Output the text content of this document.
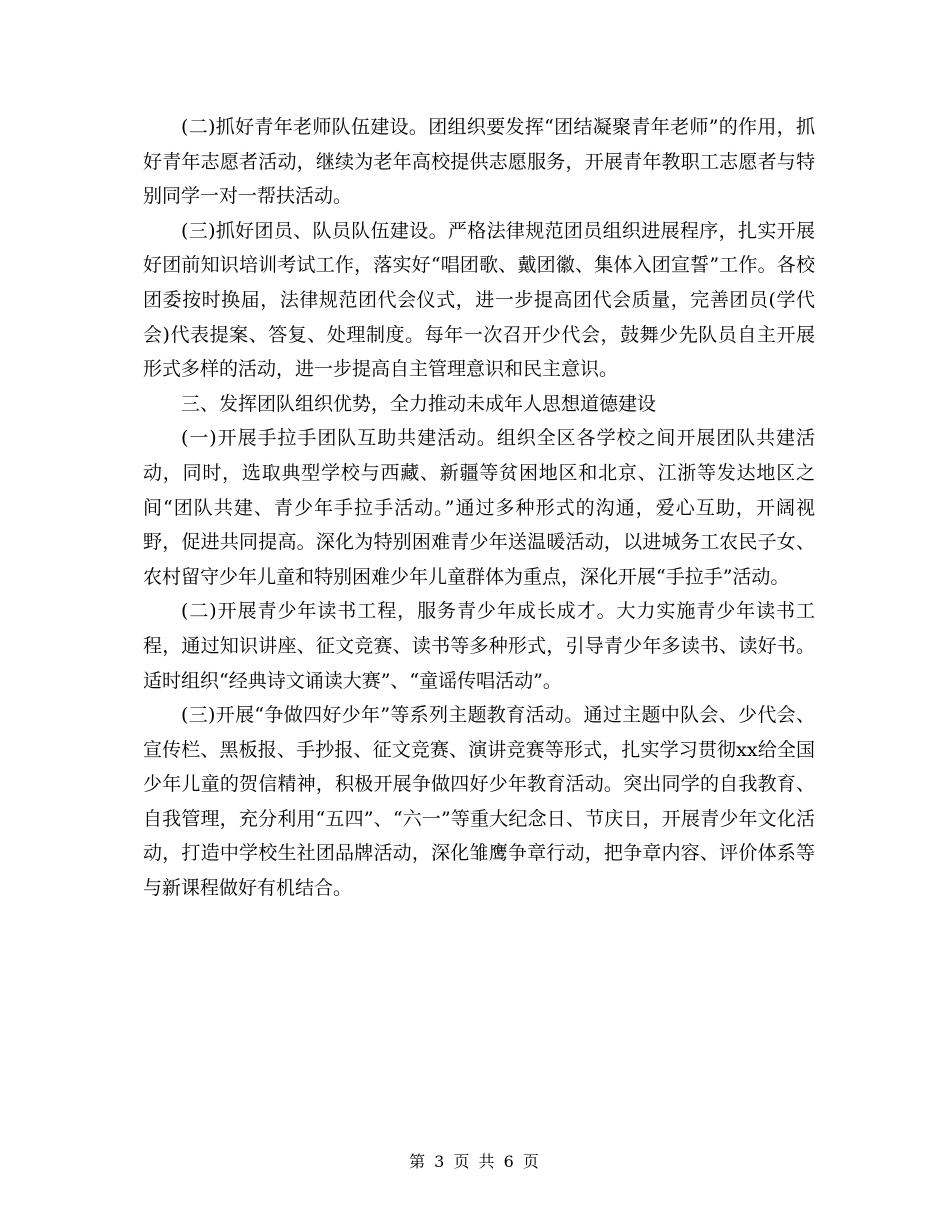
(二)抓好青年老师队伍建设。团组织要发挥“团结凝聚青年老师”的作用，抓好青年志愿者活动，继续为老年高校提供志愿服务，开展青年教职工志愿者与特别同学一对一帮扶活动。

(三)抓好团员、队员队伍建设。严格法律规范团员组织进展程序，扎实开展好团前知识培训考试工作，落实好“唱团歌、戴团徽、集体入团宣誓”工作。各校团委按时换届，法律规范团代会仪式，进一步提高团代会质量，完善团员(学代会)代表提案、答复、处理制度。每年一次召开少代会，鼓舞少先队员自主开展形式多样的活动，进一步提高自主管理意识和民主意识。

三、发挥团队组织优势，全力推动未成年人思想道德建设

(一)开展手拉手团队互助共建活动。组织全区各学校之间开展团队共建活动，同时，选取典型学校与西藏、新疆等贫困地区和北京、江浙等发达地区之间“团队共建、青少年手拉手活动。”通过多种形式的沟通，爱心互助，开阔视野，促进共同提高。深化为特别困难青少年送温暖活动，以进城务工农民子女、农村留守少年儿童和特别困难少年儿童群体为重点，深化开展“手拉手”活动。

(二)开展青少年读书工程，服务青少年成长成才。大力实施青少年读书工程，通过知识讲座、征文竞赛、读书等多种形式，引导青少年多读书、读好书。适时组织“经典诗文诵读大赛”、“童谣传唱活动”。

(三)开展“争做四好少年”等系列主题教育活动。通过主题中队会、少代会、宣传栏、黑板报、手抄报、征文竞赛、演讲竞赛等形式，扎实学习贯彻xx给全国少年儿童的贺信精神，积极开展争做四好少年教育活动。突出同学的自我教育、自我管理，充分利用“五四”、“六一”等重大纪念日、节庆日，开展青少年文化活动，打造中学校生社团品牌活动，深化雏鹰争章行动，把争章内容、评价体系等与新课程做好有机结合。

第 3 页 共 6 页
